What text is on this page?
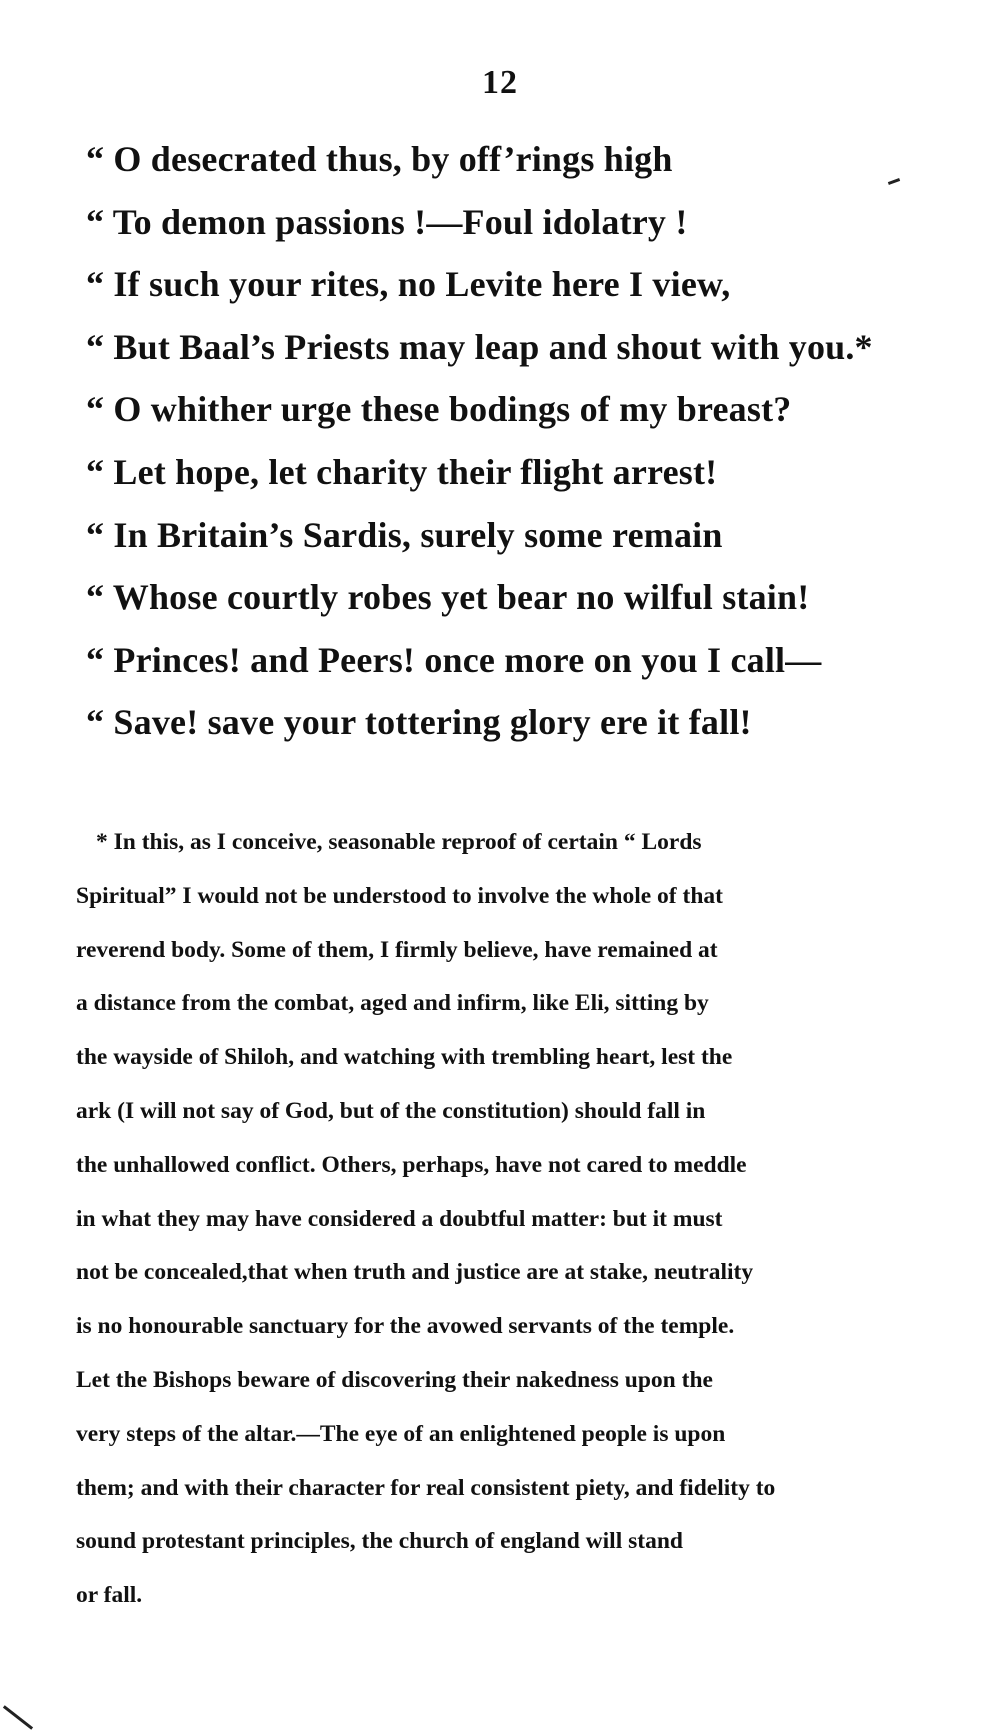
12
“ O desecrated thus, by off’rings high
“ To demon passions !—Foul idolatry !
“ If such your rites, no Levite here I view,
“ But Baal’s Priests may leap and shout with you.*
“ O whither urge these bodings of my breast?
“ Let hope, let charity their flight arrest!
“ In Britain’s Sardis, surely some remain
“ Whose courtly robes yet bear no wilful stain!
“ Princes! and Peers! once more on you I call—
“ Save! save your tottering glory ere it fall!
* In this, as I conceive, seasonable reproof of certain “ Lords
Spiritual” I would not be understood to involve the whole of that
reverend body. Some of them, I firmly believe, have remained at
a distance from the combat, aged and infirm, like Eli, sitting by
the wayside of Shiloh, and watching with trembling heart, lest the
ark (I will not say of God, but of the constitution) should fall in
the unhallowed conflict. Others, perhaps, have not cared to meddle
in what they may have considered a doubtful matter: but it must
not be concealed,that when truth and justice are at stake, neutrality
is no honourable sanctuary for the avowed servants of the temple.
Let the Bishops beware of discovering their nakedness upon the
very steps of the altar.—The eye of an enlightened people is upon
them; and with their character for real consistent piety, and fidelity to
sound protestant principles, the church of england will stand
or fall.
